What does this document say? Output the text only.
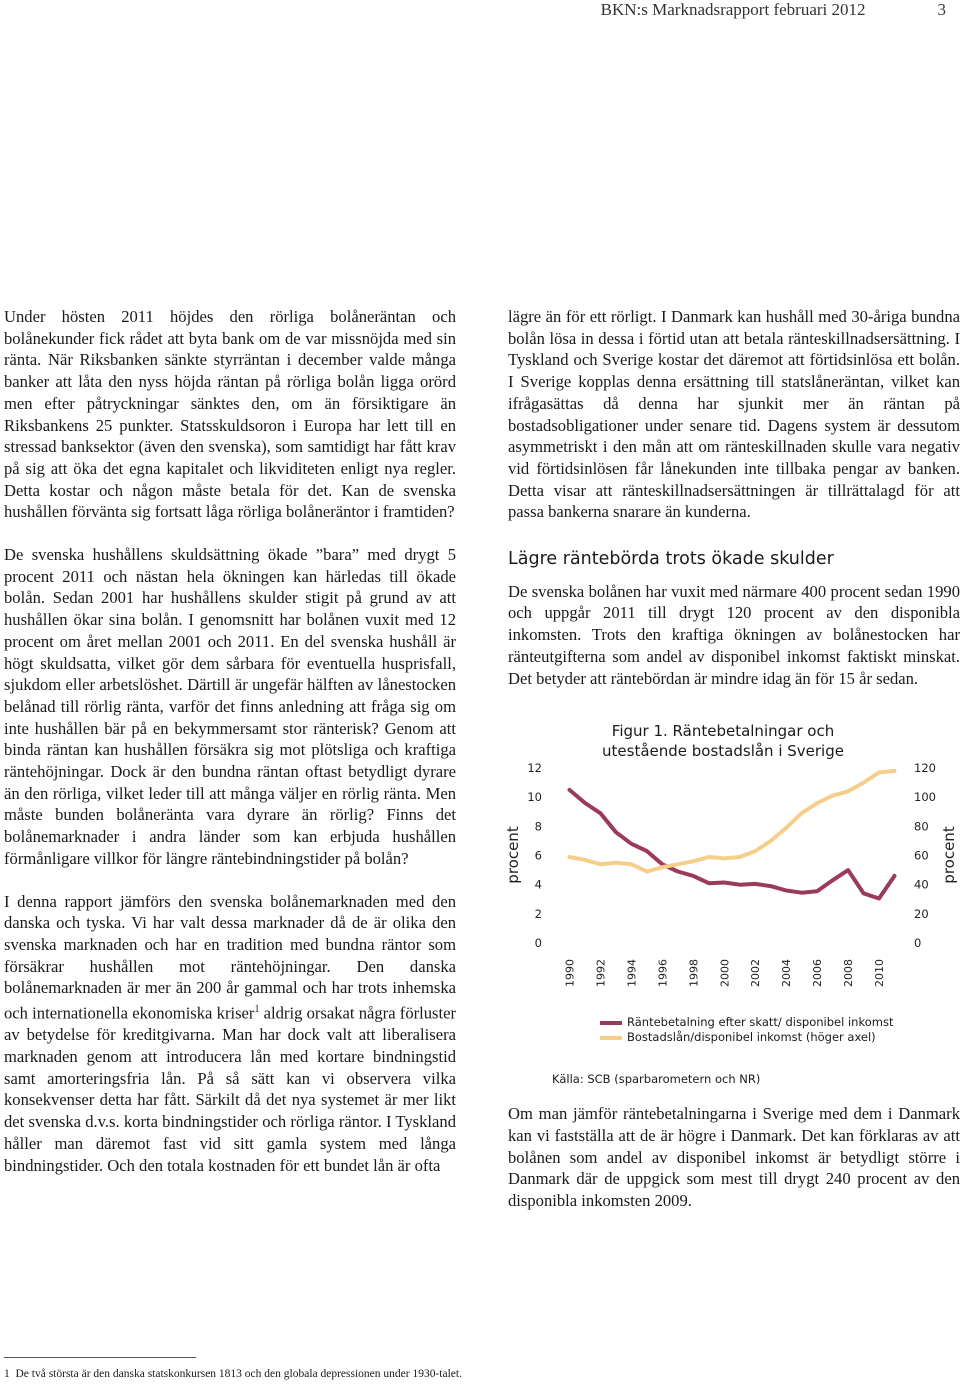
BKN:s Marknadsrapport februari 2012	3

Under hösten 2011 höjdes den rörliga bolåneräntan och bolånekunder fick rådet att byta bank om de var missnöjda med sin ränta. När Riksbanken sänkte styrräntan i december valde många banker att låta den nyss höjda räntan på rörliga bolån ligga orörd men efter påtryckningar sänktes den, om än försiktigare än Riksbankens 25 punkter. Statsskuldsoron i Europa har lett till en stressad banksektor (även den svenska), som samtidigt har fått krav på sig att öka det egna kapitalet och likviditeten enligt nya regler. Detta kostar och någon måste betala för det. Kan de svenska hushållen förvänta sig fortsatt låga rörliga bolåneräntor i framtiden?

De svenska hushållens skuldsättning ökade ”bara” med drygt 5 procent 2011 och nästan hela ökningen kan härledas till ökade bolån. Sedan 2001 har hushållens skulder stigit på grund av att hushållen ökar sina bolån. I genomsnitt har bolånen vuxit med 12 procent om året mellan 2001 och 2011. En del svenska hushåll är högt skuldsatta, vilket gör dem sårbara för eventuella husprisfall, sjukdom eller arbetslöshet. Därtill är ungefär hälften av lånestocken belånad till rörlig ränta, varför det finns anledning att fråga sig om inte hushållen bär på en bekymmersamt stor ränterisk? Genom att binda räntan kan hushållen försäkra sig mot plötsliga och kraftiga räntehöjningar. Dock är den bundna räntan oftast betydligt dyrare än den rörliga, vilket leder till att många väljer en rörlig ränta. Men måste bunden bolåneränta vara dyrare än rörlig? Finns det bolånemarknader i andra länder som kan erbjuda hushållen förmånligare villkor för längre räntebindningstider på bolån?

I denna rapport jämförs den svenska bolånemarknaden med den danska och tyska. Vi har valt dessa marknader då de är olika den svenska marknaden och har en tradition med bundna räntor som försäkrar hushållen mot räntehöjningar. Den danska bolånemarknaden är mer än 200 år gammal och har trots inhemska och internationella ekonomiska kriser$^1$ aldrig orsakat några förluster av betydelse för kreditgivarna. Man har dock valt att liberalisera marknaden genom att introducera lån med kortare bindningstid samt amorteringsfria lån. På så sätt kan vi observera vilka konsekvenser detta har fått. Särkilt då det nya systemet är mer likt det svenska d.v.s. korta bindningstider och rörliga räntor. I Tyskland håller man däremot fast vid sitt gamla system med långa bindningstider. Och den totala kostnaden för ett bundet lån är ofta

lägre än för ett rörligt. I Danmark kan hushåll med 30-åriga bundna bolån lösa in dessa i förtid utan att betala ränteskillnadsersättning. I Tyskland och Sverige kostar det däremot att förtidsinlösa ett bolån. I Sverige kopplas denna ersättning till statslåneräntan, vilket kan ifrågasättas då denna har sjunkit mer än räntan på bostadsobligationer under senare tid. Dagens system är dessutom asymmetriskt i den mån att om ränteskillnaden skulle vara negativ vid förtidsinlösen får lånekunden inte tillbaka pengar av banken. Detta visar att ränteskillnadsersättningen är tillrättalagd för att passa bankerna snarare än kunderna.

Lägre räntebörda trots ökade skulder

De svenska bolånen har vuxit med närmare 400 procent sedan 1990 och uppgår 2011 till drygt 120 procent av den disponibla inkomsten. Trots den kraftiga ökningen av bolånestocken har ränteutgifterna som andel av disponibel inkomst faktiskt minskat. Det betyder att räntebördan är mindre idag än för 15 år sedan.

0
2
4
6
8
10
12
0
20
40
60
80
100
120
1990 1992 1994 1996 1998 2000 2002 2004 2006 2008 2010
procent	procent
Figur 1. Räntebetalningar och
utestående bostadslån i Sverige
Räntebetalning efter skatt/ disponibel inkomst
Bostadslån/disponibel inkomst (höger axel)
Källa: SCB (sparbarometern och NR)

Om man jämför räntebetalningarna i Sverige med dem i Danmark kan vi fastställa att de är högre i Danmark. Det kan förklaras av att bolånen som andel av disponibel inkomst är betydligt större i Danmark där de uppgick som mest till drygt 240 procent av den disponibla inkomsten 2009.

1 De två största är den danska statskonkursen 1813 och den globala depressionen under 1930-talet.
